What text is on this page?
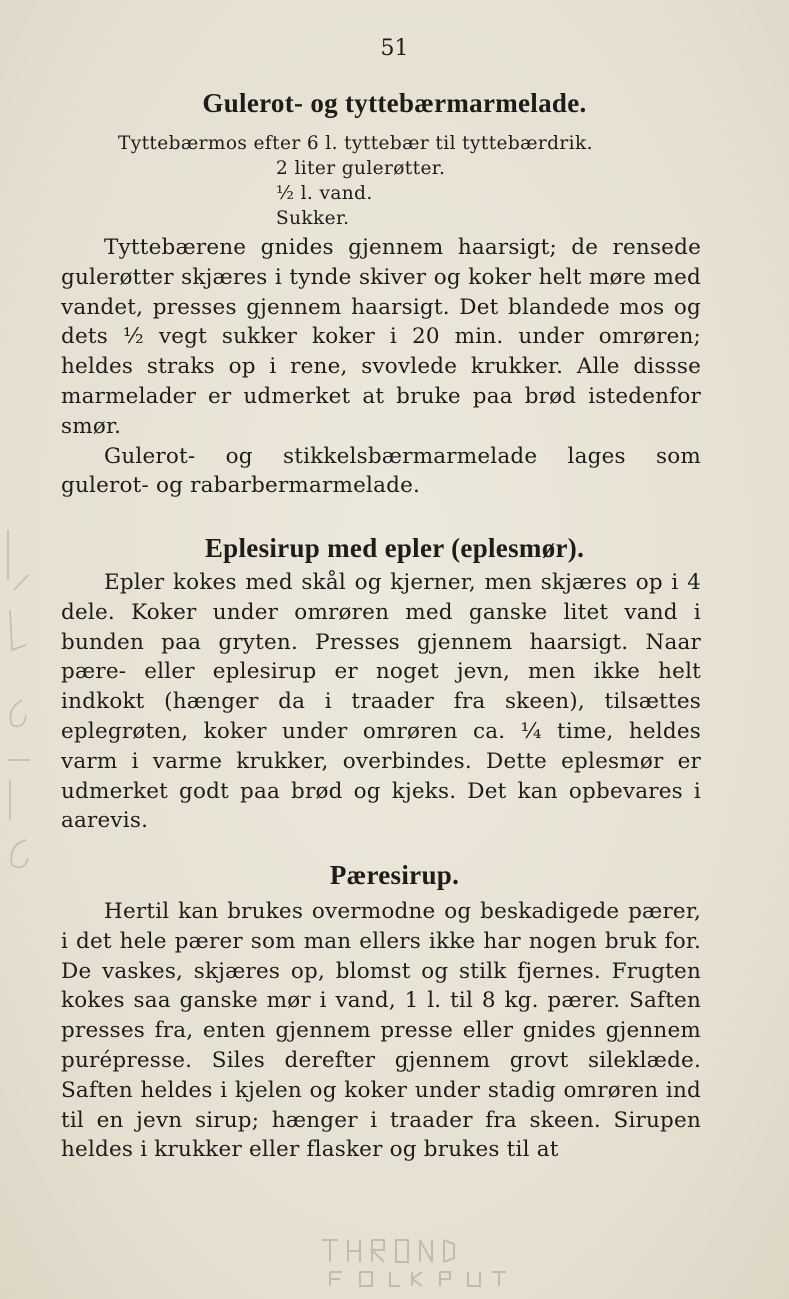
51
Gulerot- og tyttebærmarmelade.
Tyttebærmos efter 6 l. tyttebær til tyttebærdrik.
2 liter gulerøtter.
½ l. vand.
Sukker.

Tyttebærene gnides gjennem haarsigt; de rensede gulerøtter skjæres i tynde skiver og koker helt møre med vandet, presses gjennem haarsigt. Det blandede mos og dets ½ vegt sukker koker i 20 min. under omrøren; heldes straks op i rene, svovlede krukker. Alle dissse marmelader er udmerket at bruke paa brød istedenfor smør.

Gulerot- og stikkelsbærmarmelade lages som gulerot- og rabarbermarmelade.

Eplesirup med epler (eplesmør).

Epler kokes med skål og kjerner, men skjæres op i 4 dele. Koker under omrøren med ganske litet vand i bunden paa gryten. Presses gjennem haarsigt. Naar pære- eller eplesirup er noget jevn, men ikke helt indkokt (hænger da i traader fra skeen), tilsættes eplegrøten, koker under omrøren ca. ¼ time, heldes varm i varme krukker, overbindes. Dette eplesmør er udmerket godt paa brød og kjeks. Det kan opbevares i aarevis.

Pæresirup.

Hertil kan brukes overmodne og beskadigede pærer, i det hele pærer som man ellers ikke har nogen bruk for. De vaskes, skjæres op, blomst og stilk fjernes. Frugten kokes saa ganske mør i vand, 1 l. til 8 kg. pærer. Saften presses fra, enten gjennem presse eller gnides gjennem purépresse. Siles derefter gjennem grovt sileklæde. Saften heldes i kjelen og koker under stadig omrøren ind til en jevn sirup; hænger i traader fra skeen. Sirupen heldes i krukker eller flasker og brukes til at
